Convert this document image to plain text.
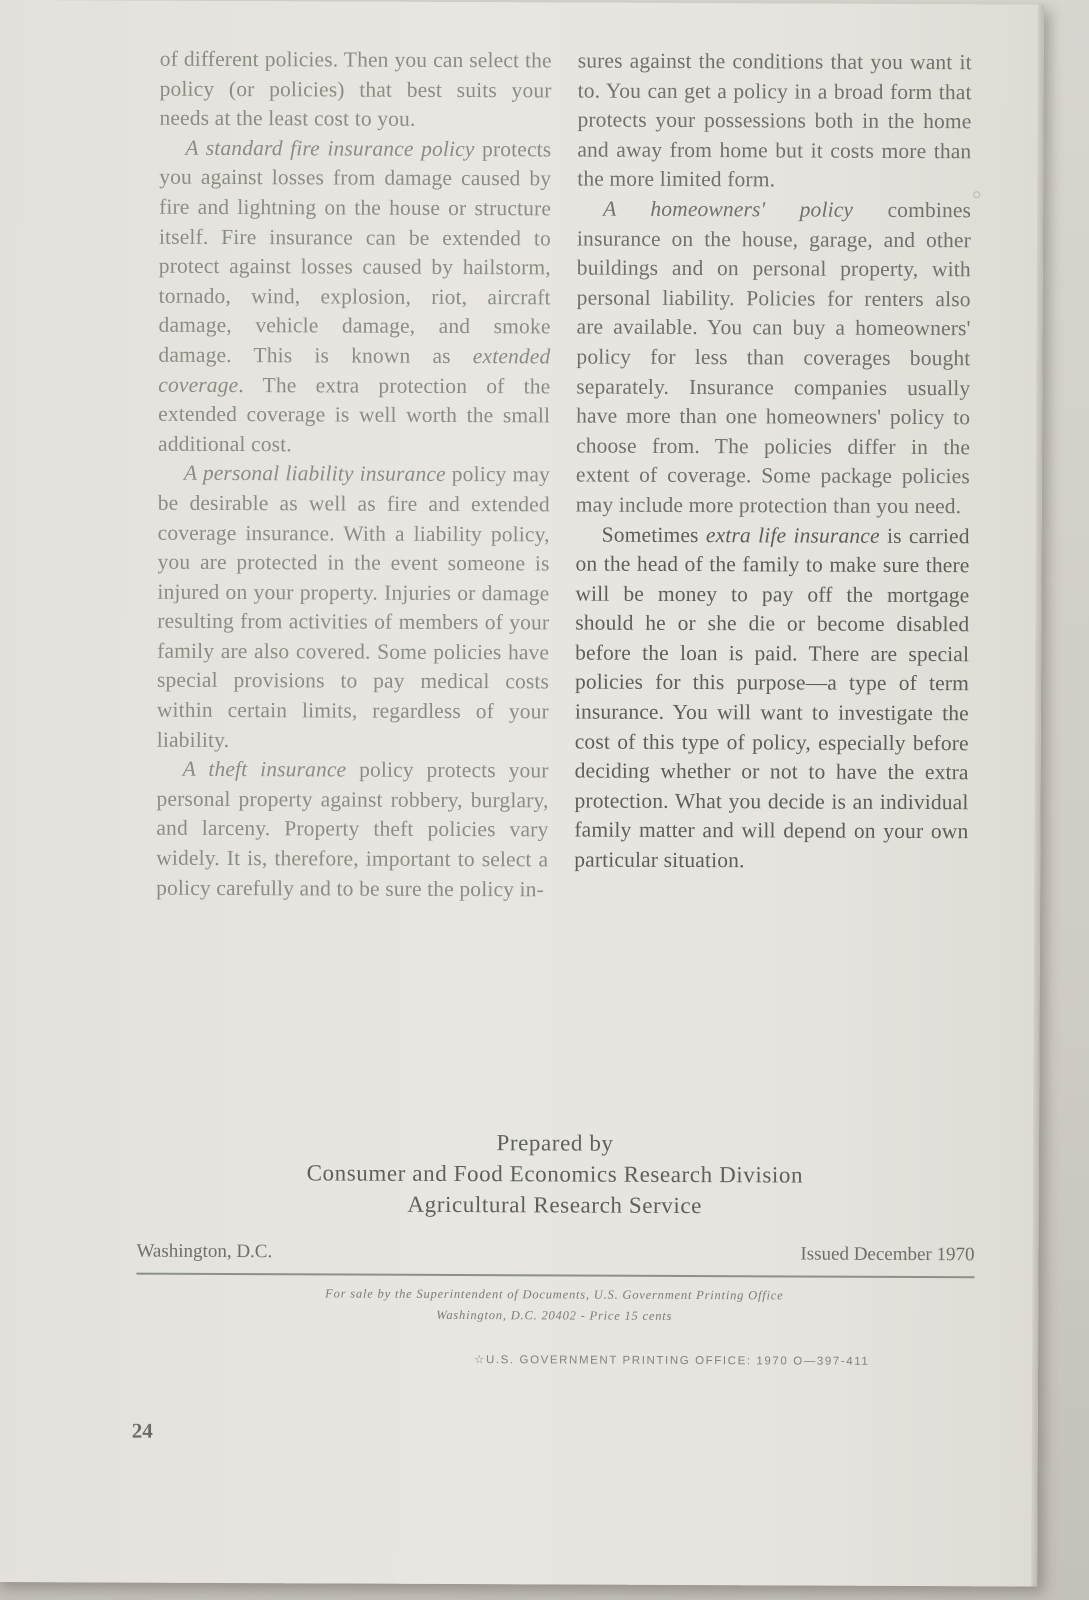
of different policies. Then you can select the policy (or policies) that best suits your needs at the least cost to you.

A standard fire insurance policy protects you against losses from damage caused by fire and lightning on the house or structure itself. Fire insurance can be extended to protect against losses caused by hailstorm, tornado, wind, explosion, riot, aircraft damage, vehicle damage, and smoke damage. This is known as extended coverage. The extra protection of the extended coverage is well worth the small additional cost.

A personal liability insurance policy may be desirable as well as fire and extended coverage insurance. With a liability policy, you are protected in the event someone is injured on your property. Injuries or damage resulting from activities of members of your family are also covered. Some policies have special provisions to pay medical costs within certain limits, regardless of your liability.

A theft insurance policy protects your personal property against robbery, burglary, and larceny. Property theft policies vary widely. It is, therefore, important to select a policy carefully and to be sure the policy in-

sures against the conditions that you want it to. You can get a policy in a broad form that protects your possessions both in the home and away from home but it costs more than the more limited form.

A homeowners' policy combines insurance on the house, garage, and other buildings and on personal property, with personal liability. Policies for renters also are available. You can buy a homeowners' policy for less than coverages bought separately. Insurance companies usually have more than one homeowners' policy to choose from. The policies differ in the extent of coverage. Some package policies may include more protection than you need.

Sometimes extra life insurance is carried on the head of the family to make sure there will be money to pay off the mortgage should he or she die or become disabled before the loan is paid. There are special policies for this purpose—a type of term insurance. You will want to investigate the cost of this type of policy, especially before deciding whether or not to have the extra protection. What you decide is an individual family matter and will depend on your own particular situation.

Prepared by
Consumer and Food Economics Research Division
Agricultural Research Service
Washington, D.C.	Issued December 1970
For sale by the Superintendent of Documents, U.S. Government Printing Office
Washington, D.C. 20402 - Price 15 cents
☆U.S. GOVERNMENT PRINTING OFFICE: 1970 O—397-411
24
